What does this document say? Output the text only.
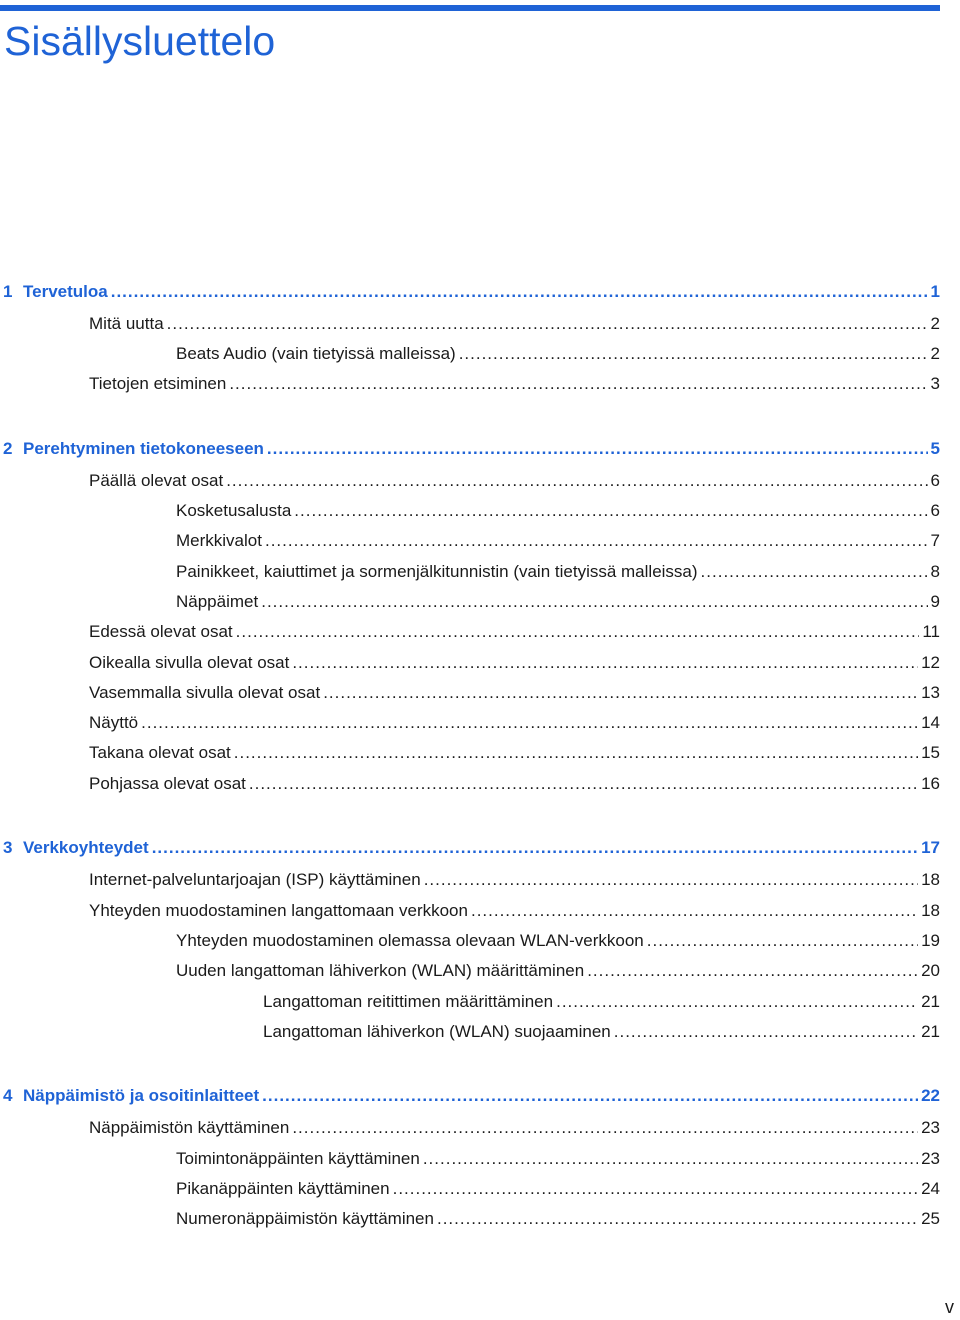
Sisällysluettelo
1 Tervetuloa .....	1
Mitä uutta .....	2
Beats Audio (vain tietyissä malleissa) .....	2
Tietojen etsiminen .....	3
2 Perehtyminen tietokoneeseen .....	5
Päällä olevat osat .....	6
Kosketusalusta .....	6
Merkkivalot .....	7
Painikkeet, kaiuttimet ja sormenjälkitunnistin (vain tietyissä malleissa) .....	8
Näppäimet .....	9
Edessä olevat osat .....	11
Oikealla sivulla olevat osat .....	12
Vasemmalla sivulla olevat osat .....	13
Näyttö .....	14
Takana olevat osat .....	15
Pohjassa olevat osat .....	16
3 Verkkoyhteydet .....	17
Internet-palveluntarjoajan (ISP) käyttäminen .....	18
Yhteyden muodostaminen langattomaan verkkoon .....	18
Yhteyden muodostaminen olemassa olevaan WLAN-verkkoon .....	19
Uuden langattoman lähiverkon (WLAN) määrittäminen .....	20
Langattoman reitittimen määrittäminen .....	21
Langattoman lähiverkon (WLAN) suojaaminen .....	21
4 Näppäimistö ja osoitinlaitteet .....	22
Näppäimistön käyttäminen .....	23
Toimintonäppäinten käyttäminen .....	23
Pikanäppäinten käyttäminen .....	24
Numeronäppäimistön käyttäminen .....	25
v
